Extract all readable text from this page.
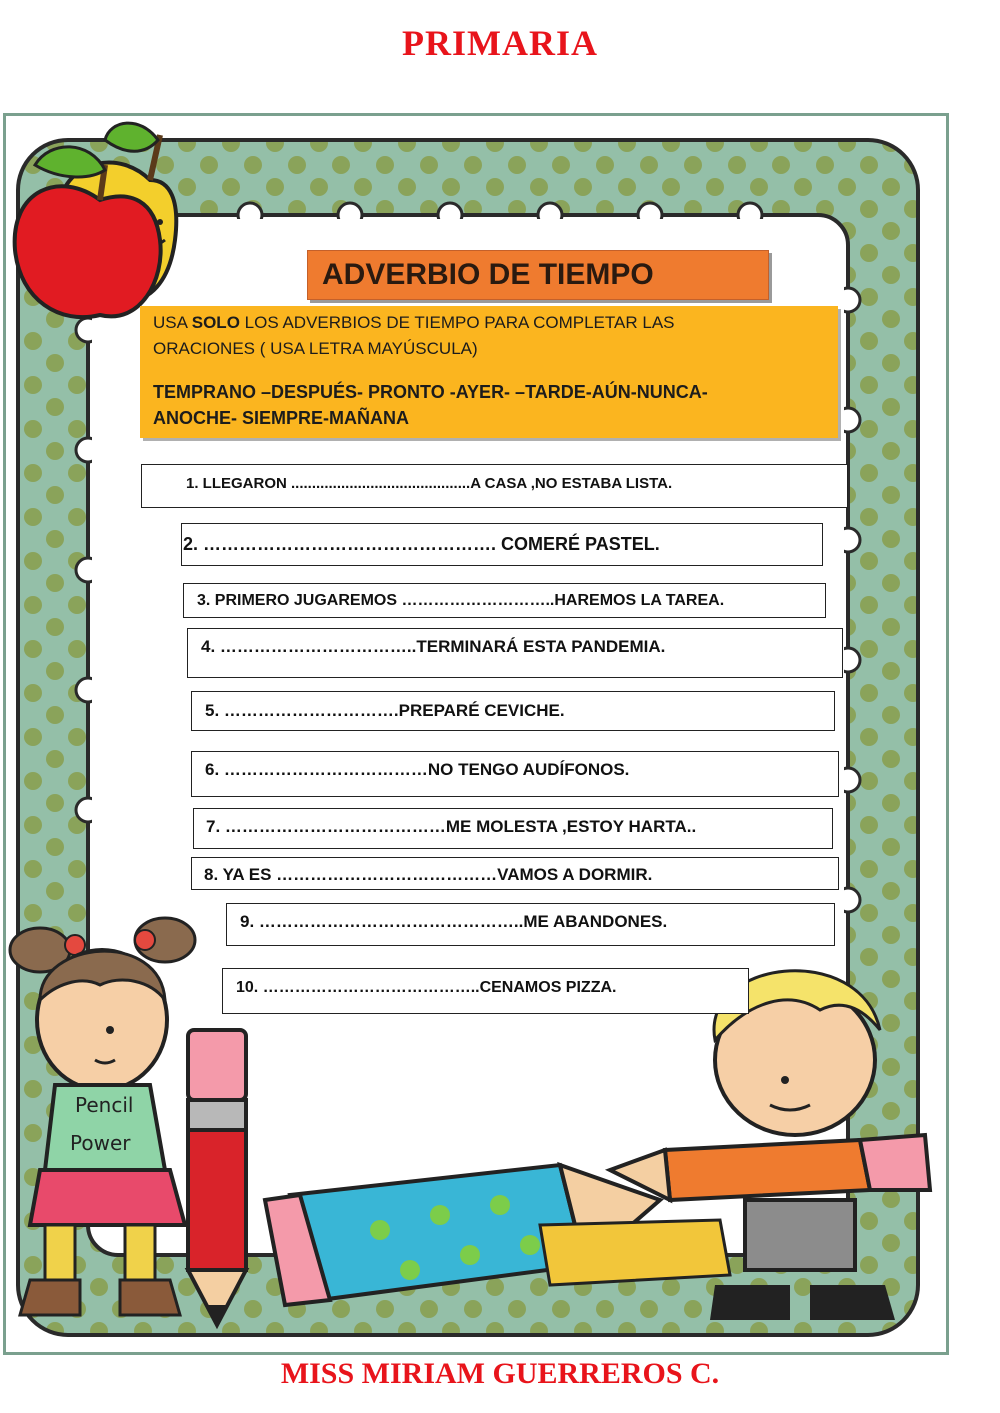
PRIMARIA
Pencil
Power
ADVERBIO DE TIEMPO
USA SOLO LOS ADVERBIOS DE TIEMPO PARA COMPLETAR LAS
ORACIONES ( USA LETRA MAYÚSCULA)
TEMPRANO –DESPUÉS- PRONTO -AYER- –TARDE-AÚN-NUNCA-
ANOCHE- SIEMPRE-MAÑANA
1. LLEGARON ...........................................A CASA ,NO ESTABA LISTA.
2. …………………………………………. COMERÉ PASTEL.
3. PRIMERO JUGAREMOS ………………………..HAREMOS LA TAREA.
4. ……………………………..TERMINARÁ ESTA PANDEMIA.
5. ………………………….PREPARÉ CEVICHE.
6. ………………………………NO TENGO AUDÍFONOS.
7. …………………………………ME MOLESTA ,ESTOY HARTA..
8. YA ES …………………………………VAMOS A DORMIR.
9. ………………………………………..ME ABANDONES.
10. …………………………………..CENAMOS PIZZA.
MISS MIRIAM GUERREROS C.
